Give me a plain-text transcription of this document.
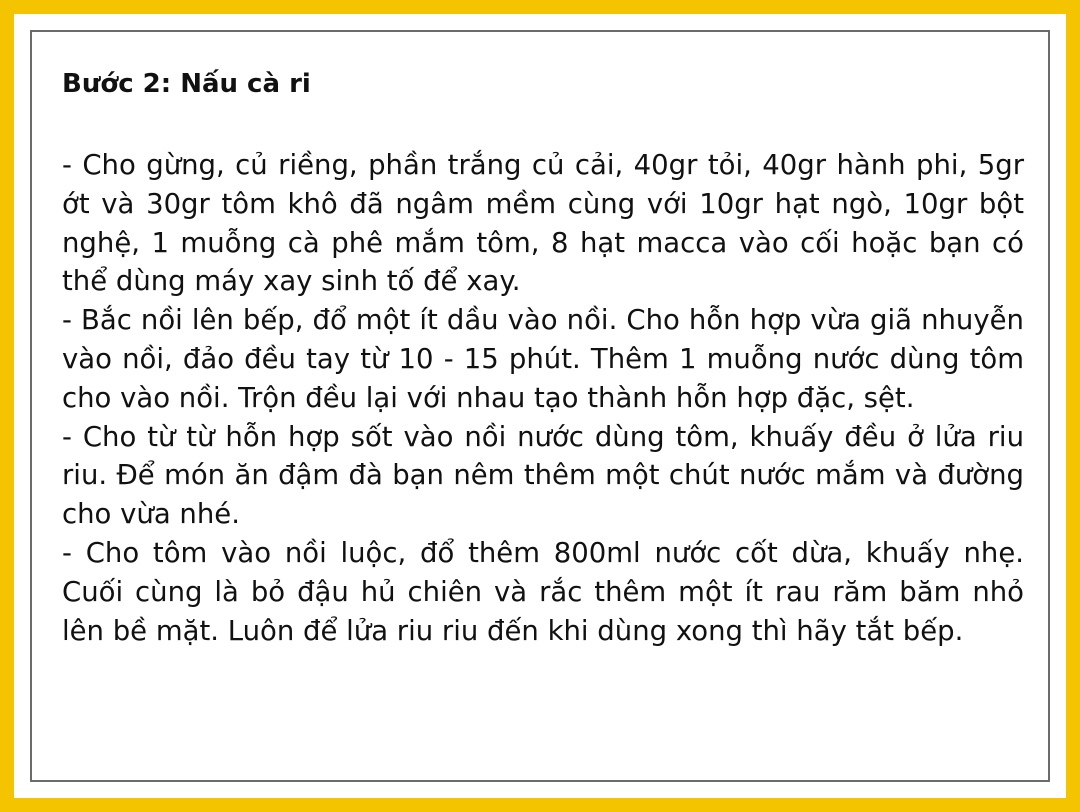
Bước 2: Nấu cà ri

- Cho gừng, củ riềng, phần trắng củ cải, 40gr tỏi, 40gr hành phi, 5gr ớt và 30gr tôm khô đã ngâm mềm cùng với 10gr hạt ngò, 10gr bột nghệ, 1 muỗng cà phê mắm tôm, 8 hạt macca vào cối hoặc bạn có thể dùng máy xay sinh tố để xay.

- Bắc nồi lên bếp, đổ một ít dầu vào nồi. Cho hỗn hợp vừa giã nhuyễn vào nồi, đảo đều tay từ 10 - 15 phút. Thêm 1 muỗng nước dùng tôm cho vào nồi. Trộn đều lại với nhau tạo thành hỗn hợp đặc, sệt.

- Cho từ từ hỗn hợp sốt vào nồi nước dùng tôm, khuấy đều ở lửa riu riu. Để món ăn đậm đà bạn nêm thêm một chút nước mắm và đường cho vừa nhé.

- Cho tôm vào nồi luộc, đổ thêm 800ml nước cốt dừa, khuấy nhẹ. Cuối cùng là bỏ đậu hủ chiên và rắc thêm một ít rau răm băm nhỏ lên bề mặt. Luôn để lửa riu riu đến khi dùng xong thì hãy tắt bếp.
